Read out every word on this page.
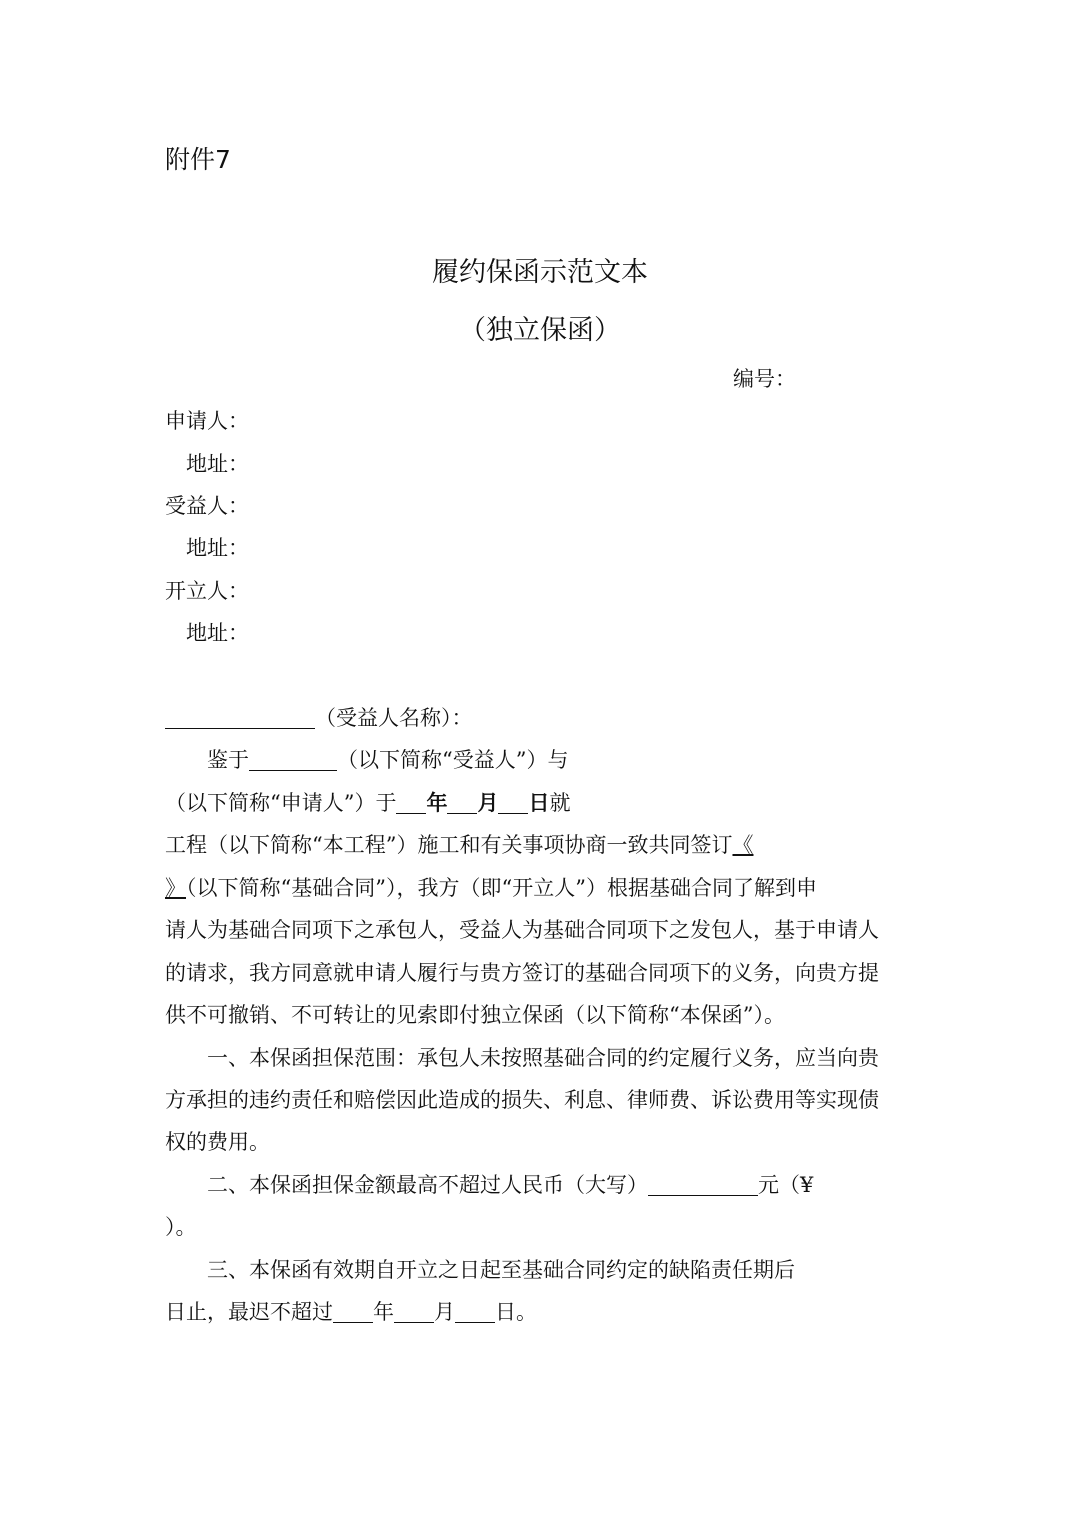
附件7
履约保函示范文本
（独立保函）
编号：
申请人：
地址：
受益人：
地址：
开立人：
地址：
（受益人名称）：
鉴于	（以下简称“受益人”）与
（以下简称“申请人”）于 年 月 日就
工程（以下简称“本工程”）施工和有关事项协商一致共同签订《
》（以下简称“基础合同”），我方（即“开立人”）根据基础合同了解到申
请人为基础合同项下之承包人，受益人为基础合同项下之发包人，基于申请人
的请求，我方同意就申请人履行与贵方签订的基础合同项下的义务，向贵方提
供不可撤销、不可转让的见索即付独立保函（以下简称“本保函”）。
一、本保函担保范围：承包人未按照基础合同的约定履行义务，应当向贵
方承担的违约责任和赔偿因此造成的损失、利息、律师费、诉讼费用等实现债
权的费用。
二、本保函担保金额最高不超过人民币（大写）	元（¥
）。
三、本保函有效期自开立之日起至基础合同约定的缺陷责任期后
日止，最迟不超过 年 月 日。
